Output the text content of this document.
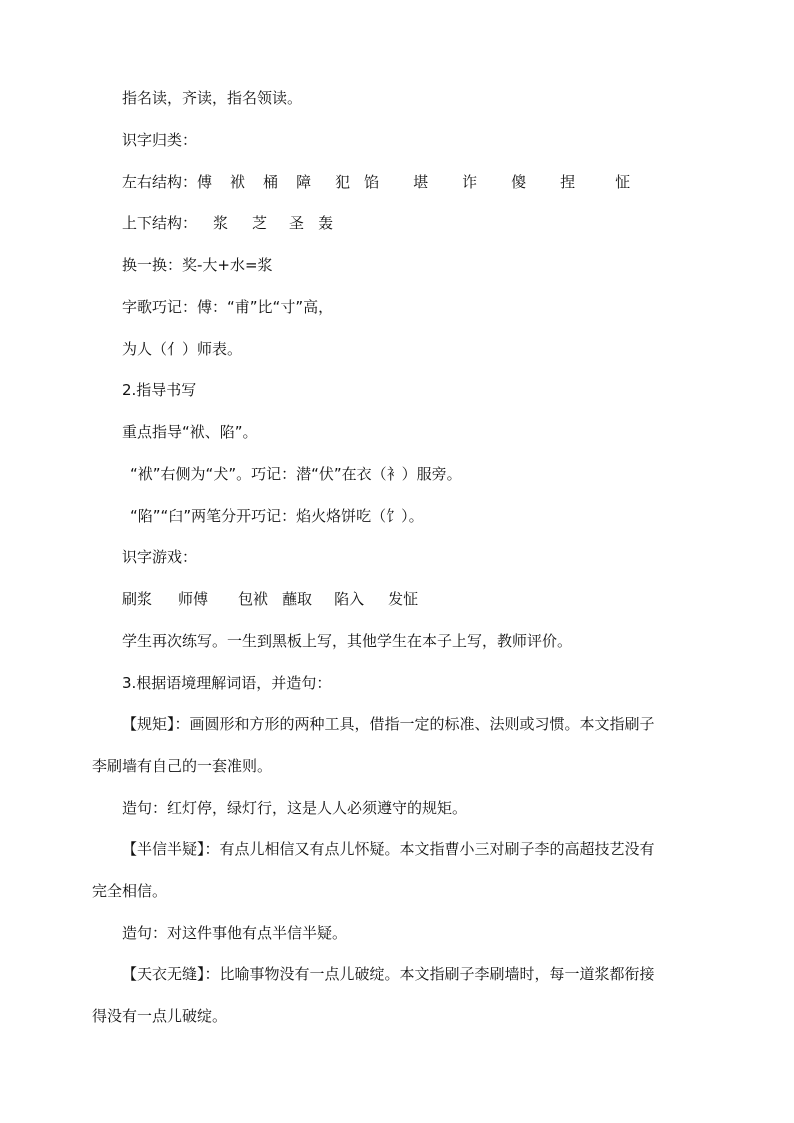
指名读，齐读，指名领读。
识字归类：
左右结构：傅 袱 桶 障 犯 馅 堪 诈 傻 捏	怔
上下结构： 浆 芝 圣 轰
换一换：奖-大+水=浆
字歌巧记：傅：“甫”比“寸”高，
为人（亻）师表。
2.指导书写
重点指导“袱、陷”。
“袱”右侧为“犬”。巧记：潜“伏”在衣（衤）服旁。
“陷”“臼”两笔分开巧记：焰火烙饼吃（饣）。
识字游戏：
刷浆 师傅 包袱 蘸取 陷入 发怔
学生再次练写。一生到黑板上写，其他学生在本子上写，教师评价。
3.根据语境理解词语，并造句：
【规矩】：画圆形和方形的两种工具，借指一定的标准、法则或习惯。本文指刷子
李刷墙有自己的一套准则。
造句：红灯停，绿灯行，这是人人必须遵守的规矩。
【半信半疑】：有点儿相信又有点儿怀疑。本文指曹小三对刷子李的高超技艺没有
完全相信。
造句：对这件事他有点半信半疑。
【天衣无缝】：比喻事物没有一点儿破绽。本文指刷子李刷墙时，每一道浆都衔接
得没有一点儿破绽。
